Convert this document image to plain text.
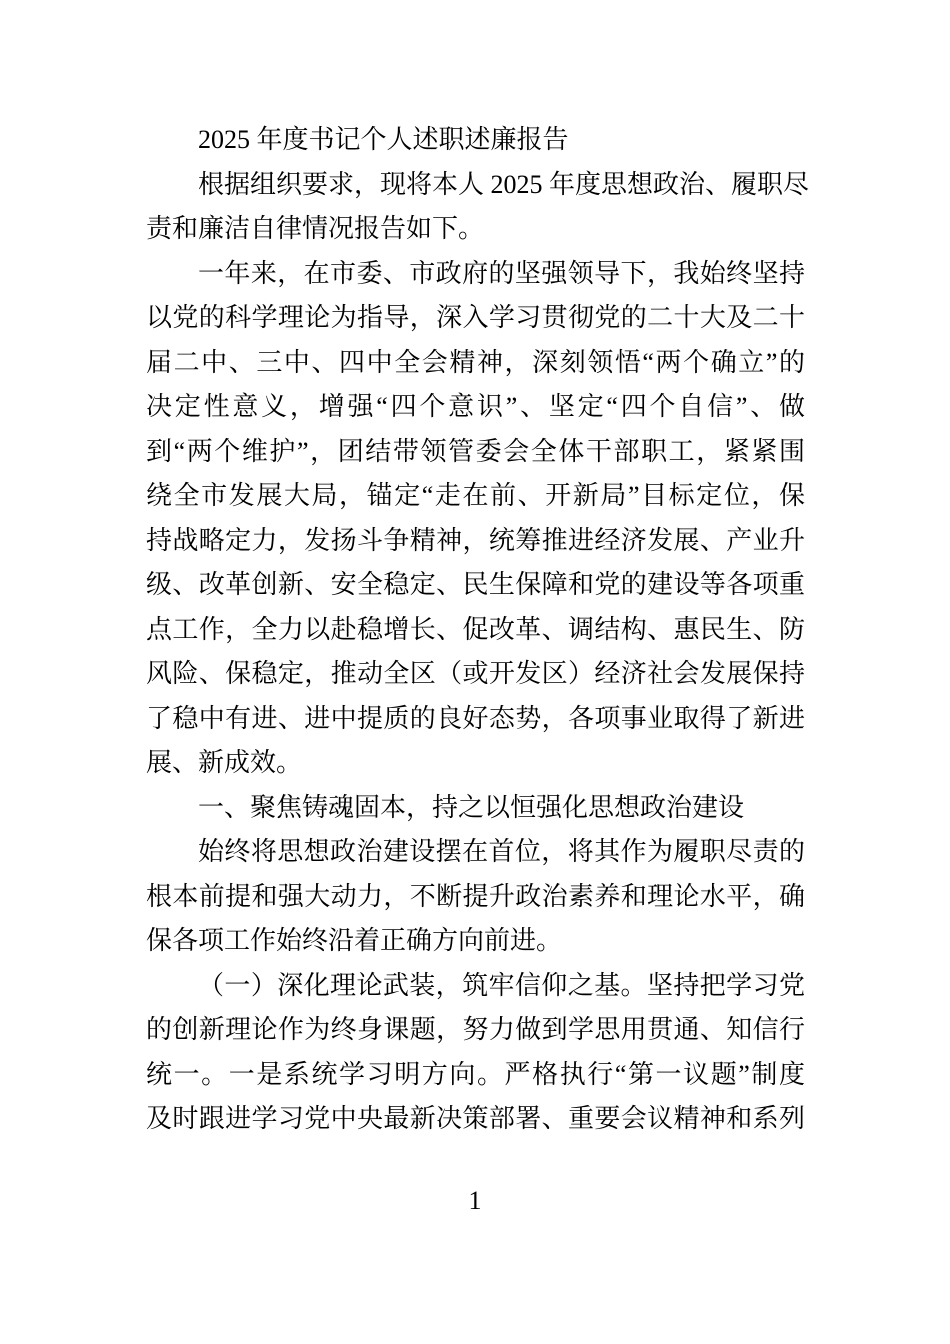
2025 年度书记个人述职述廉报告
根据组织要求，现将本人 2025 年度思想政治、履职尽
责和廉洁自律情况报告如下。
一年来，在市委、市政府的坚强领导下，我始终坚持
以党的科学理论为指导，深入学习贯彻党的二十大及二十
届二中、三中、四中全会精神，深刻领悟“两个确立”的
决定性意义，增强“四个意识”、坚定“四个自信”、做
到“两个维护”，团结带领管委会全体干部职工，紧紧围
绕全市发展大局，锚定“走在前、开新局”目标定位，保
持战略定力，发扬斗争精神，统筹推进经济发展、产业升
级、改革创新、安全稳定、民生保障和党的建设等各项重
点工作，全力以赴稳增长、促改革、调结构、惠民生、防
风险、保稳定，推动全区（或开发区）经济社会发展保持
了稳中有进、进中提质的良好态势，各项事业取得了新进
展、新成效。
一、聚焦铸魂固本，持之以恒强化思想政治建设
始终将思想政治建设摆在首位，将其作为履职尽责的
根本前提和强大动力，不断提升政治素养和理论水平，确
保各项工作始终沿着正确方向前进。
（一）深化理论武装，筑牢信仰之基。坚持把学习党
的创新理论作为终身课题，努力做到学思用贯通、知信行
统一。一是系统学习明方向。严格执行“第一议题”制度
及时跟进学习党中央最新决策部署、重要会议精神和系列
1
